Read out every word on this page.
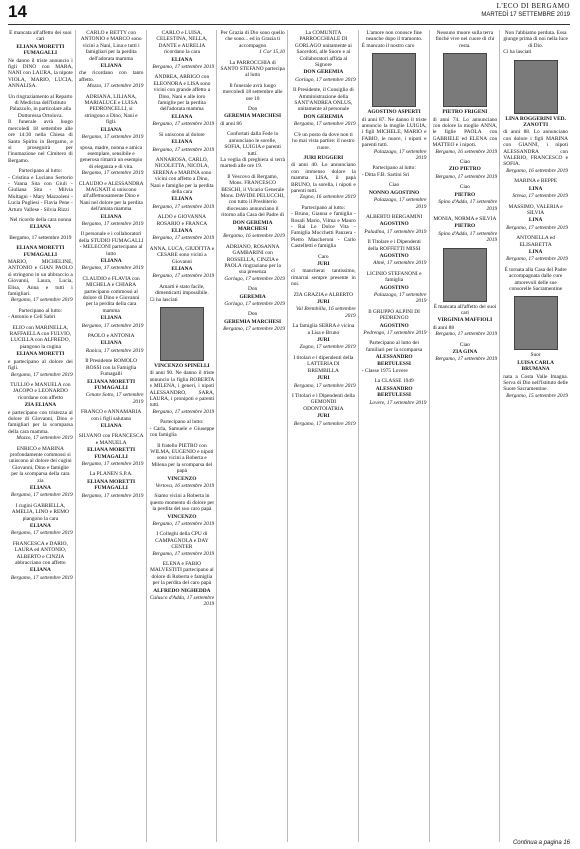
14	L'ECO DI BERGAMO
MARTEDÌ 17 SETTEMBRE 2019
È mancata all'affetto dei suoi cari
ELIANA MORETTI FUMAGALLI
Ne danno il triste annuncio i figli DINO con MARA, NANI con LAURA, la nipote VIOLA, MARIO, LUCIA, ANNALISA.
Un ringraziamento al Reparto di Medicina dell'Istituto Palazzolo, in particolare alla Dottoressa Ortolova.
Il funerale avrà luogo mercoledì 18 settembre alle ore 14:30 nella Chiesa di Santo Spirito in Bergamo, e si proseguirà per l'inumazione nel Cimitero di Bergamo.
Partecipano al lutto:
- Cristina e Luciano Sertorio - Vanna Sita con Giuli - Giuliana Sita - Milvia Moltagni - Mary Mazzoleni - Lucia Pugliesi - Flavia Pene - Arturo Vallese - Silvia Rizzi
Nel ricordo della cara nonna
ELIANA
Bergamo, 17 settembre 2019
ELIANA MORETTI FUMAGALLI
MARIO, MICHELINE, ANTONIO e GIAN PAOLO si stringono in un abbraccio a Giovanni, Laura, Lucia, Elisa, Anna e tutti i famigliari.
Bergamo, 17 settembre 2019
Partecipano al lutto:
- Antonio e Celi Sabri
ELIO con MARINELLA, RAFFAELLA con FULVIO, LUCILLA con ALFREDO, piangono la cugina
ELIANA MORETTI
e partecipano al dolore dei figli.
Bergamo, 17 settembre 2019
TULLIO e MANUELA con JACOPO e LEONARDO ricordano con affetto
ZIA ELIANA
e partecipano con tristezza al dolore di Giovanni, Dino e famigliari per la scomparsa della cara mamma.
Mozzo, 17 settembre 2019
ENRICO e MARINA profondamente commossi si uniscono al dolore dei cugini Giovanni, Dino e famiglie per la scomparsa della cara zia
ELIANA
Bergamo, 17 settembre 2019
I cugini GABRIELLA, AMELIA, LINO e REMO piangono la cara
ELIANA
Bergamo, 17 settembre 2019
FRANCESCA e DARIO, LAURA ed ANTONIO, ALBERTO e CINZIA abbracciano con affetto
ELIANA
Bergamo, 17 settembre 2019
CARLO e BETTY con ANTONIO e MARCO sono vicini a Nani, Lina e tutti i famigliari per la perdita dell'adorata mamma
ELIANA
che ricordano con tanto affetto.
Mozzo, 17 settembre 2019
ADRIANA, LILIANA, MARIALUCE e LUISA PEDRONCELLI, si stringono a Dino, Nani e figli.
ELIANA
Bergamo, 17 settembre 2019
sposa, madre, nonna e amica esemplare, sensibile e generosa rimarrà un esempio di eleganza e di vita.
Bergamo, 17 settembre 2019
CLAUDIO e ALESSANDRA MAGNATI si uniscono all'affettuosamente Dino e Nani nel dolore per la perdita dell'amata mamma
ELIANA
Bergamo, 17 settembre 2019
Il personale e i collaboratori della STUDIO FUMAGALLI - MELECONI partecipano al lutto
ELIANA
Bergamo, 17 settembre 2019
CLAUDIO e FLAVIA con MICHELA e CHIARA partecipano commossi al dolore di Dino e Giovanni per la perdita della cara mamma
ELIANA
Bergamo, 17 settembre 2019
PAOLO e ANTONIA
ELIANA
Ranica, 17 settembre 2019
Il Presidente ROMOLO ROSSI con la Famiglia Fumagalli
ELIANA MORETTI FUMAGALLI
Cenate Sotto, 17 settembre 2019
FRANCO e ANNAMARIA con i figli salutano
ELIANA
SILVANO con FRANCESCA e MANUELA
ELIANA MORETTI FUMAGALLI
Bergamo, 17 settembre 2019
La PLANEN S.P.A.
ELIANA MORETTI FUMAGALLI
Bergamo, 17 settembre 2019
CARLO e LUISA, CELESTINA, NELLA, DANTE e AURELIA ricordano la cara
ELIANA
Bergamo, 17 settembre 2019
ANDREA, ARRIGO con ELEONORA e LISA sono vicini con grande affetto a Dino, Nani e alle loro famiglie per la perdita dell'adorata mamma
ELIANA
Bergamo, 17 settembre 2019
Si uniscono al dolore
ELIANA
Bergamo, 17 settembre 2019
ANNAROSA, CARLO, NICOLETTA, NICOLA, SERENA e MARINA sono vicini con affetto a Dino, Nani e famiglie per la perdita della cara
ELIANA
Bergamo, 17 settembre 2019
ALDO e GIOVANNA ROSARIO e FRANCA
ELIANA
Bergamo, 17 settembre 2019
ANNA, LUCA, GIUDITTA e CESARE sono vicini a Giovanni
ELIANA
Bergamo, 17 settembre 2019
Amarti è stato facile, dimenticarti impossibile.
Ci ha lasciati
VINCENZO SPINELLI
di anni 90. Ne danno il triste annuncio la figlia ROBERTA e MILENA, i generi, i nipoti ALESSANDRO, SARA, LAURA, i pronipoti e parenti tutti.
Bergamo, 17 settembre 2019
Partecipano al lutto:
- Carla, Samuele e Giuseppe con famiglia
Il fratello PIETRO con WILMA, EUGENIO e nipoti sono vicini a Roberta e Milena per la scomparsa del papà
VINCENZO
Vertova, 16 settembre 2019
Siamo vicini a Roberta in questo momento di dolore per la perdita del suo caro papà
VINCENZO
Bergamo, 17 settembre 2019
I Colleghi della CPU di CAMPAGNOLA e DAY CENTER
Bergamo, 17 settembre 2019
ELENA e FABIO MALVESTITI partecipano al dolore di Roberta e famiglia per la perdita del caro papà
ALFREDO NIGHEDDA
Calusco d'Adda, 17 settembre 2019
Per Grazia di Dio sono quello che sono... ed in Grazia ti accompagno
1 Cor 15,10
La PARROCCHIA di SANTO STEFANO partecipa al lutto
Il funerale avrà luogo mercoledì 18 settembre alle ore 10
Don
GEREMIA MARCHESI
di anni 86
Confortati dalla Fede lo annunciano le sorelle, SOFIA, LUIGIA e parenti tutti.
La veglia di preghiera si terrà martedì alle ore 19.
Il Vescovo di Bergamo, Mons. FRANCESCO BESCHI, il Vicario Generale Mons. DAVIDE PELUCCHI, con tutto il Presbiterio diocesano annunciano il ritorno alla Casa del Padre di
DON GEREMIA MARCHESI
Bergamo, 16 settembre 2019
ADRIANO, ROSANNA GAMBARINI con ROSSELLA, CINZIA e PAOLA ringraziano per la sua presenza
Gorlago, 17 settembre 2019
Don
GEREMIA
Gorlago, 17 settembre 2019
Don
GEREMIA MARCHESI
Bergamo, 17 settembre 2019
La COMUNITÀ PARROCCHIALE DI GORLAGO unitamente ai Sacerdoti, alle Suore e ai Collaboratori affida al Signore
DON GEREMIA
Gorlago, 17 settembre 2019
Il Presidente, il Consiglio di Amministrazione della SANT'ANDREA ONLUS, unitamente al personale
DON GEREMIA
Bergamo, 17 settembre 2019
C'è un posto da dove non ti ho mai vista partire: il nostro cuore.
JURI RUGGERI
di anni 40. Lo annunciano con immenso dolore la mamma LISA, il papà BRUNO, la sorella, i nipoti e parenti tutti.
Zogno, 16 settembre 2019
Partecipano al lutto:
- Bruno, Gianna e famiglia - Rosali Mario, Vilma e Mauro - Rai Le Dolce Vita - Famiglia Mocchetti Panzera - Pietro Mascheroni - Carlo Castelletti e famiglia
Caro
JURI
ci mancherai tantissimo, rimarrai sempre presente in noi.
ZIA GRAZIA e ALBERTO
JURI
Val Brembilla, 16 settembre 2019
La famiglia SERRA è vicina a Lisa e Bruno
JURI
Zogno, 17 settembre 2019
I titolari e i dipendenti della LATTERIA DI BREMBILLA
JURI
Bergamo, 17 settembre 2019
I Titolari e i Dipendenti della GEMONDI ODONTOIATRIA
JURI
Bergamo, 17 settembre 2019
L'amore non conosce fine neanche dopo il tramonto.
È mancato il nostro caro
AGOSTINO ASPERTI
di anni 87. Ne danno il triste annuncio la moglie LUIGIA, i figli MICHELE, MARIO e FABIO, le nuore, i nipoti e parenti tutti.
Palazzago, 17 settembre 2019
Partecipano al lutto:
- Ditta F.B. Sartini Sri
Ciao
NONNO AGOSTINO
Palazzago, 17 settembre 2019
ALBERTO BERGAMINI
AGOSTINO
Paladina, 17 settembre 2019
Il Titolare e i Dipendenti della ROFFETTI MISSI
AGOSTINO
Almè, 17 settembre 2019
LICINIO STEFANONI e famiglia
AGOSTINO
Palazzago, 17 settembre 2019
Il GRUPPO ALPINI DI PEDRENGO
AGOSTINO
Pedrengo, 17 settembre 2019
Partecipano al lutto dei familiari per la scomparsa
ALESSANDRO BERTULESSI
- Classe 1975 Lovere
La CLASSE 1949
ALESSANDRO BERTULESSI
Lovere, 17 settembre 2019
Nessuno muore sulla terra finché vive nel cuore di chi resta.
PIETRO FRIGENI
di anni 74. Lo annunciano con dolore la moglie ANNA, le figlie PAOLA con GABRIELE ed ELENA con MATTEO e i nipoti.
Bergamo, 16 settembre 2019
Ciao
ZIO PIETRO
Bergamo, 17 settembre 2019
Ciao
PIETRO
Spino d'Adda, 17 settembre 2019
MONIA, NORMA e SILVIA
PIETRO
Spino d'Adda, 17 settembre 2019
È mancata all'affetto dei suoi cari
VIRGINIA MAFFIOLI
di anni 88
Bergamo, 17 settembre 2019
Ciao
ZIA GINA
Bergamo, 17 settembre 2019
Non l'abbiamo perduta. Essa giunge prima di noi nella luce di Dio.
Ci ha lasciati
LINA ROGGERINI VED. ZANOTTI
di anni 88. Lo annunciano con dolore i figli MARINA con GIANNI, i nipoti ALESSANDRA con VALERIO, FRANCESCO e SOFIA.
Bergamo, 16 settembre 2019
MARINA e BEPPE
LINA
Stresa, 17 settembre 2019
MASSIMO, VALERIA e SILVIA
LINA
Bergamo, 17 settembre 2019
ANTONELLA ed ELISABETTA
LINA
Bergamo, 17 settembre 2019
È tornata alla Casa del Padre accompagnata dalle cure amorevoli delle sue consorelle Sacramentine
Suor
LUISA CARLA BRUMANA
nata a Costa Valle Imagna. Serva di Dio nell'Istituto delle Suore Sacramentine.
Bergamo, 15 settembre 2019
Continua a pagina 16
